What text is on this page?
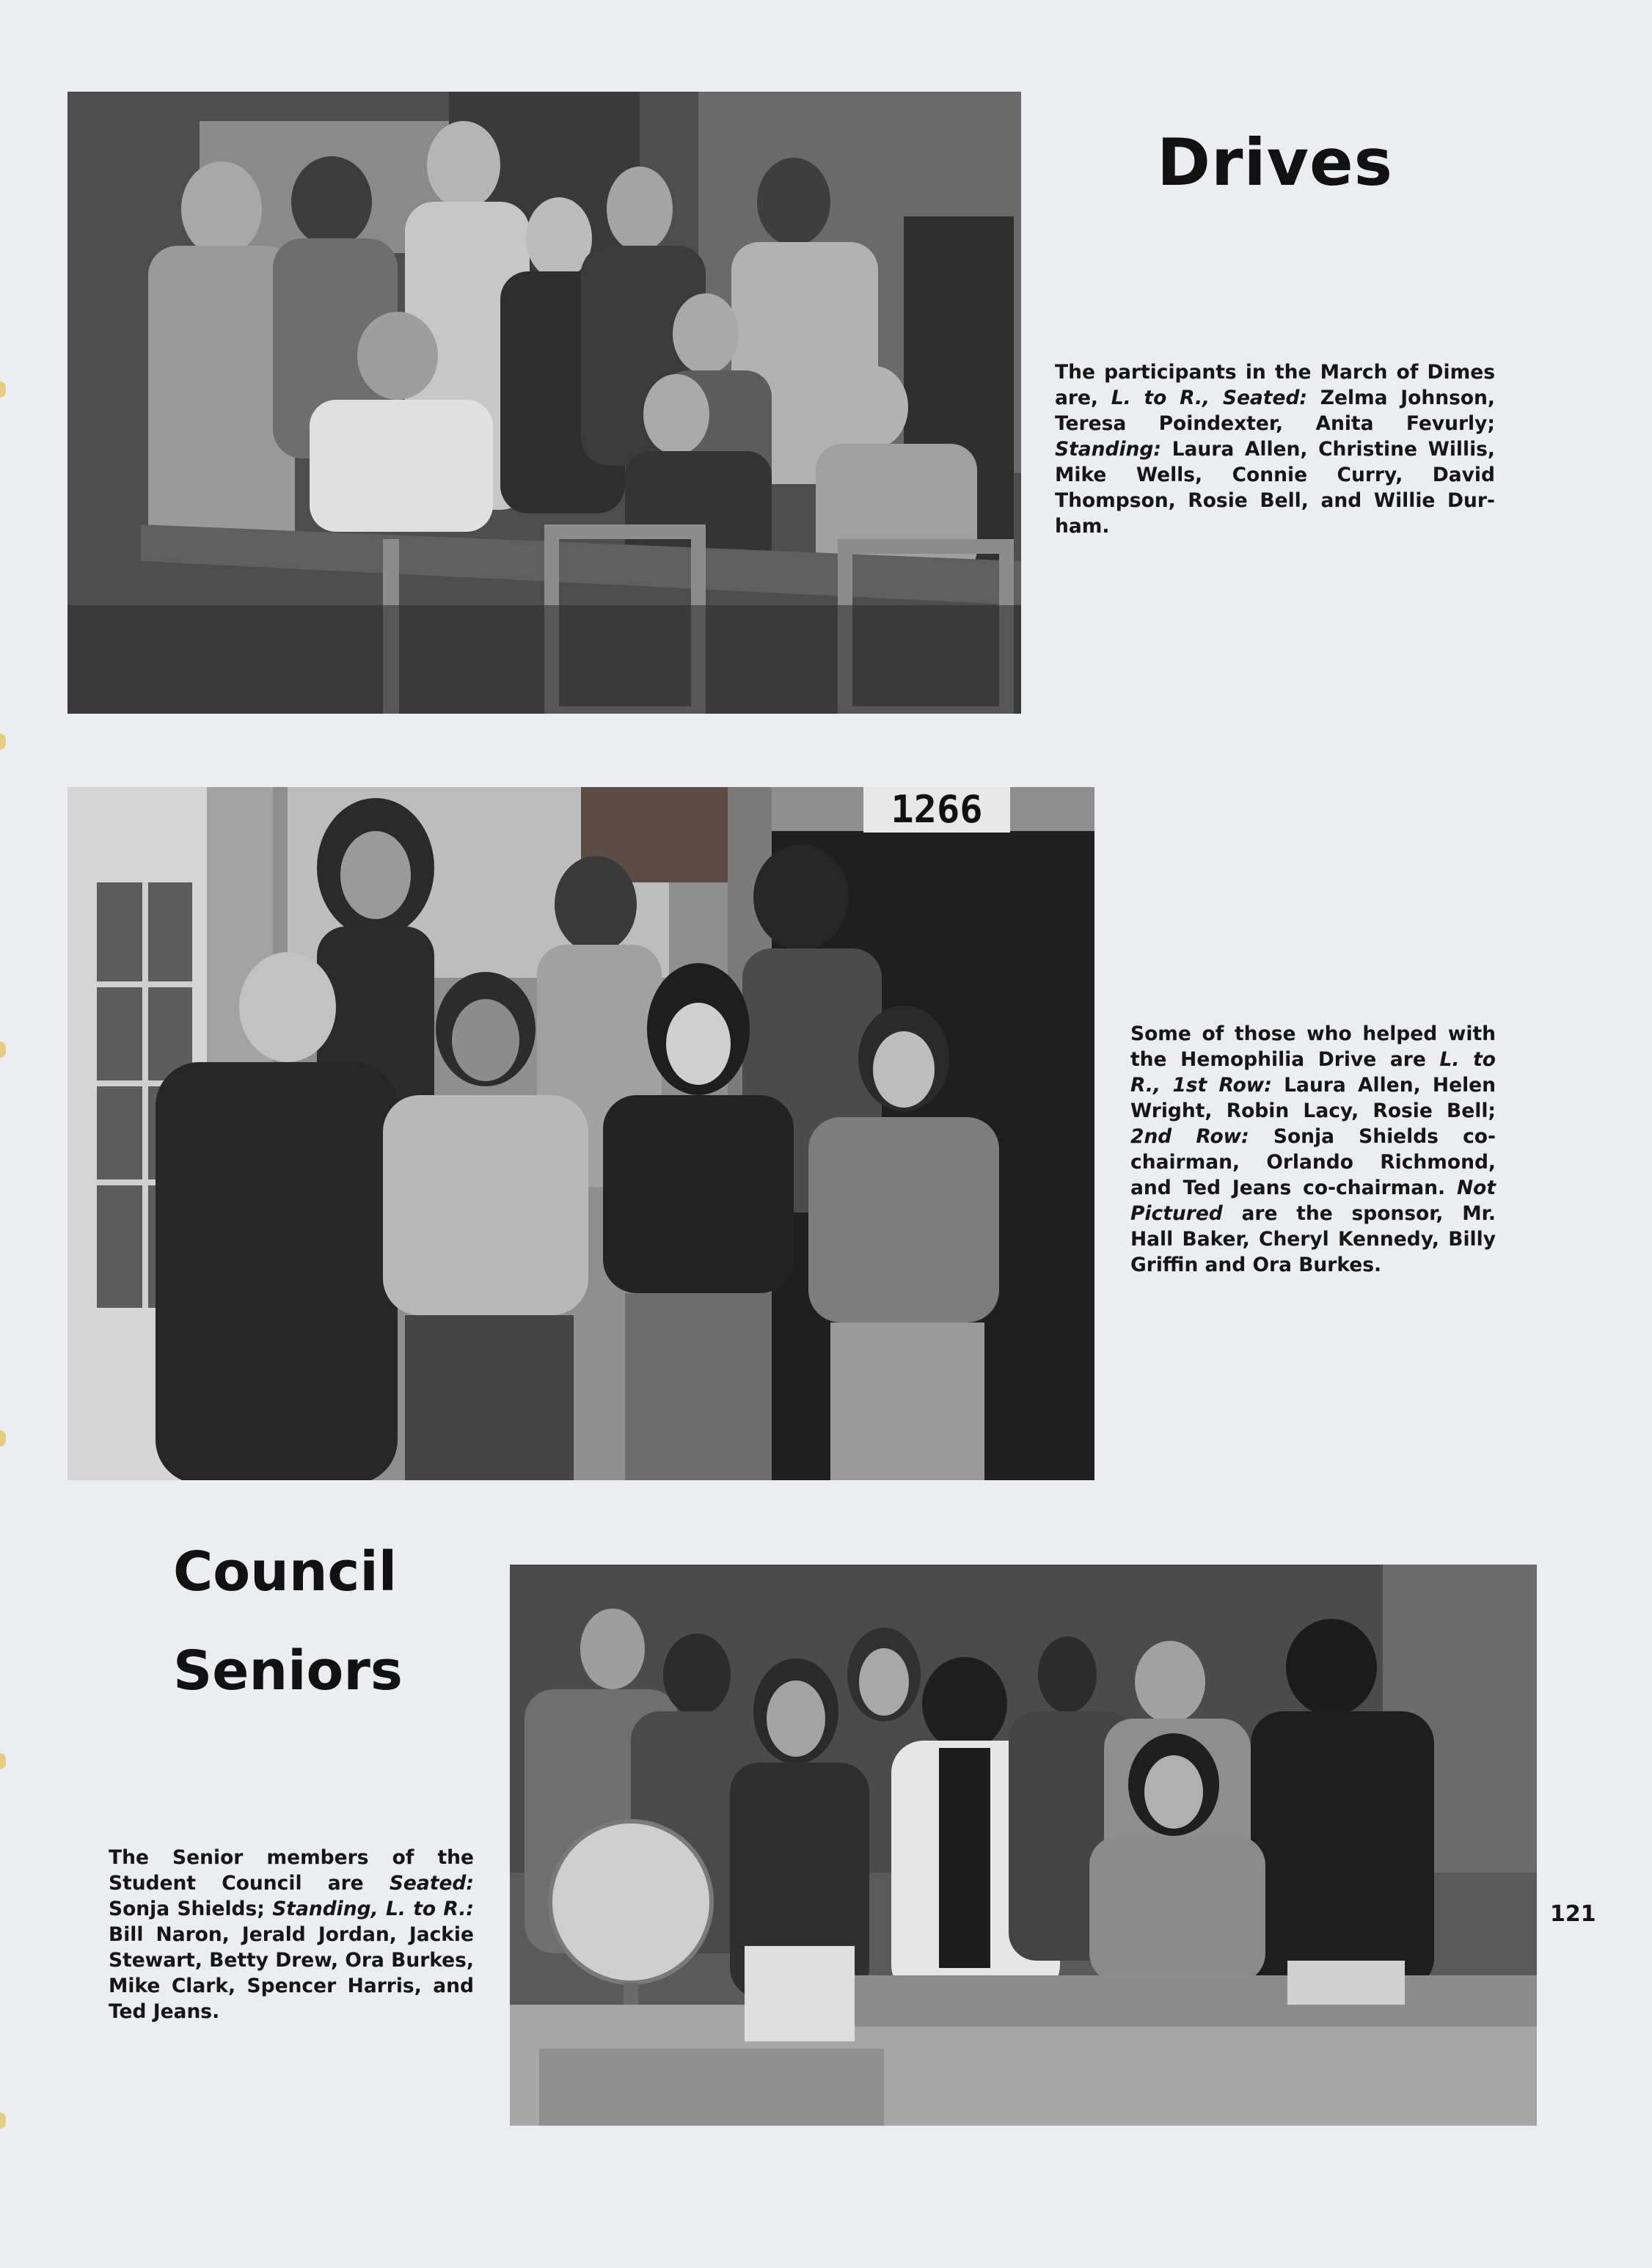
Drives

The participants in the March of Dimes are, L. to R., Seated: Zelma Johnson, Teresa Poindexter, Anita Fevurly; Standing: Laura Allen, Christine Willis, Mike Wells, Connie Curry, David Thompson, Rosie Bell, and Willie Durham.

1266

Some of those who helped with the Hemophilia Drive are L. to R., 1st Row: Laura Allen, Helen Wright, Robin Lacy, Rosie Bell; 2nd Row: Sonja Shields co-chairman, Orlando Richmond, and Ted Jeans co-chairman. Not Pictured are the sponsor, Mr. Hall Baker, Cheryl Kennedy, Billy Griffin and Ora Burkes.

Council
Seniors

The Senior members of the Student Council are Seated: Sonja Shields; Standing, L. to R.: Bill Naron, Jerald Jordan, Jackie Stewart, Betty Drew, Ora Burkes, Mike Clark, Spencer Harris, and Ted Jeans.

121
